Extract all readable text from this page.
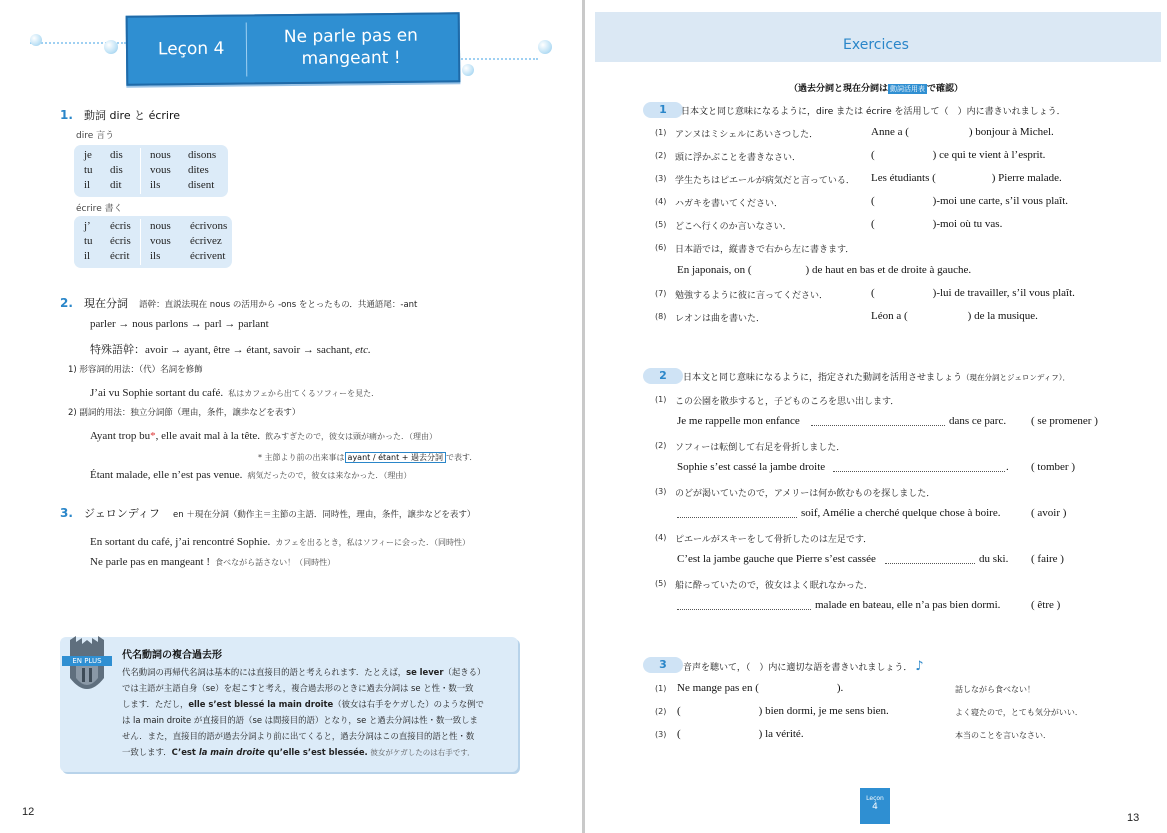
Leçon 4
Ne parle pas en mangeant !
1. 動詞 dire と écrire
dire 言う
je dis nous disons
tu dis vous dites
il dit	ils	disent
écrire 書く
j’ écris nous écrivons
tu écris vous écrivez
il écrit ils	écrivent
2. 現在分詞 語幹：直説法現在 nous の活用から -ons をとったもの．共通語尾：-ant
parler → nous parlons → parl → parlant
特殊語幹：avoir → ayant, être → étant, savoir → sachant, etc.
1) 形容詞的用法：（代）名詞を修飾
J’ai vu Sophie sortant du café. 私はカフェから出てくるソフィーを見た．
2) 副詞的用法：独立分詞節（理由，条件，譲歩などを表す）
Ayant trop bu*, elle avait mal à la tête. 飲みすぎたので，彼女は頭が痛かった．（理由）
* 主節より前の出来事は ayant / étant + 過去分詞 で表す．
Étant malade, elle n’est pas venue. 病気だったので，彼女は来なかった．（理由）
3. ジェロンディフ en ＋現在分詞（動作主＝主節の主語．同時性，理由，条件，譲歩などを表す）
En sortant du café, j’ai rencontré Sophie. カフェを出るとき，私はソフィーに会った．（同時性）
Ne parle pas en mangeant ! 食べながら話さない！（同時性）
代名動詞の複合過去形
代名動詞の再帰代名詞は基本的には直接目的語と考えられます．たとえば，se lever（起きる）
では主語が主語自身（se）を起こすと考え，複合過去形のときに過去分詞は se と性・数一致
します．ただし，elle s’est blessé la main droite（彼女は右手をケガした）のような例で
は la main droite が直接目的語（se は間接目的語）となり，se と過去分詞は性・数一致しま
せん．また，直接目的語が過去分詞より前に出てくると，過去分詞はこの直接目的語と性・数
一致します．C’est la main droite qu’elle s’est blessée. 彼女がケガしたのは右手です．
EN PLUS
12
Exercices
（過去分詞と現在分詞は 動詞活用表 で確認）
1	日本文と同じ意味になるように，dire または écrire を活用して（　）内に書きいれましょう．
(1) アンヌはミシェルにあいさつした．	Anne a (	) bonjour à Michel.
(2) 頭に浮かぶことを書きなさい．	(	) ce qui te vient à l’esprit.
(3) 学生たちはピエールが病気だと言っている． Les étudiants (	) Pierre malade.
(4) ハガキを書いてください．	(	)-moi une carte, s’il vous plaît.
(5) どこへ行くのか言いなさい．	(	)-moi où tu vas.
(6) 日本語では，縦書きで右から左に書きます．
En japonais, on (	) de haut en bas et de droite à gauche.
(7) 勉強するように彼に言ってください．	(	)-lui de travailler, s’il vous plaît.
(8) レオンは曲を書いた．	Léon a (	) de la musique.
2	日本文と同じ意味になるように，指定された動詞を活用させましょう（現在分詞とジェロンディフ）．
(1) この公園を散歩すると，子どものころを思い出します．
Je me rappelle mon enfance	dans ce parc. ( se promener )
(2) ソフィーは転倒して右足を骨折しました．
Sophie s’est cassé la jambe droite	. ( tomber )
(3) のどが渇いていたので，アメリーは何か飲むものを探しました．
soif, Amélie a cherché quelque chose à boire.	( avoir )
(4) ピエールがスキーをして骨折したのは左足です．
C’est la jambe gauche que Pierre s’est cassée	du ski. ( faire )
(5) 船に酔っていたので，彼女はよく眠れなかった．
malade en bateau, elle n’a pas bien dormi.	( être )
3	音声を聴いて，（　）内に適切な語を書きいれましょう． ♪
(1) Ne mange pas en (	).	話しながら食べない！
(2) (	) bien dormi, je me sens bien.	よく寝たので，とても気分がいい．
(3) (	) la vérité.	本当のことを言いなさい．
Leçon
4
13
